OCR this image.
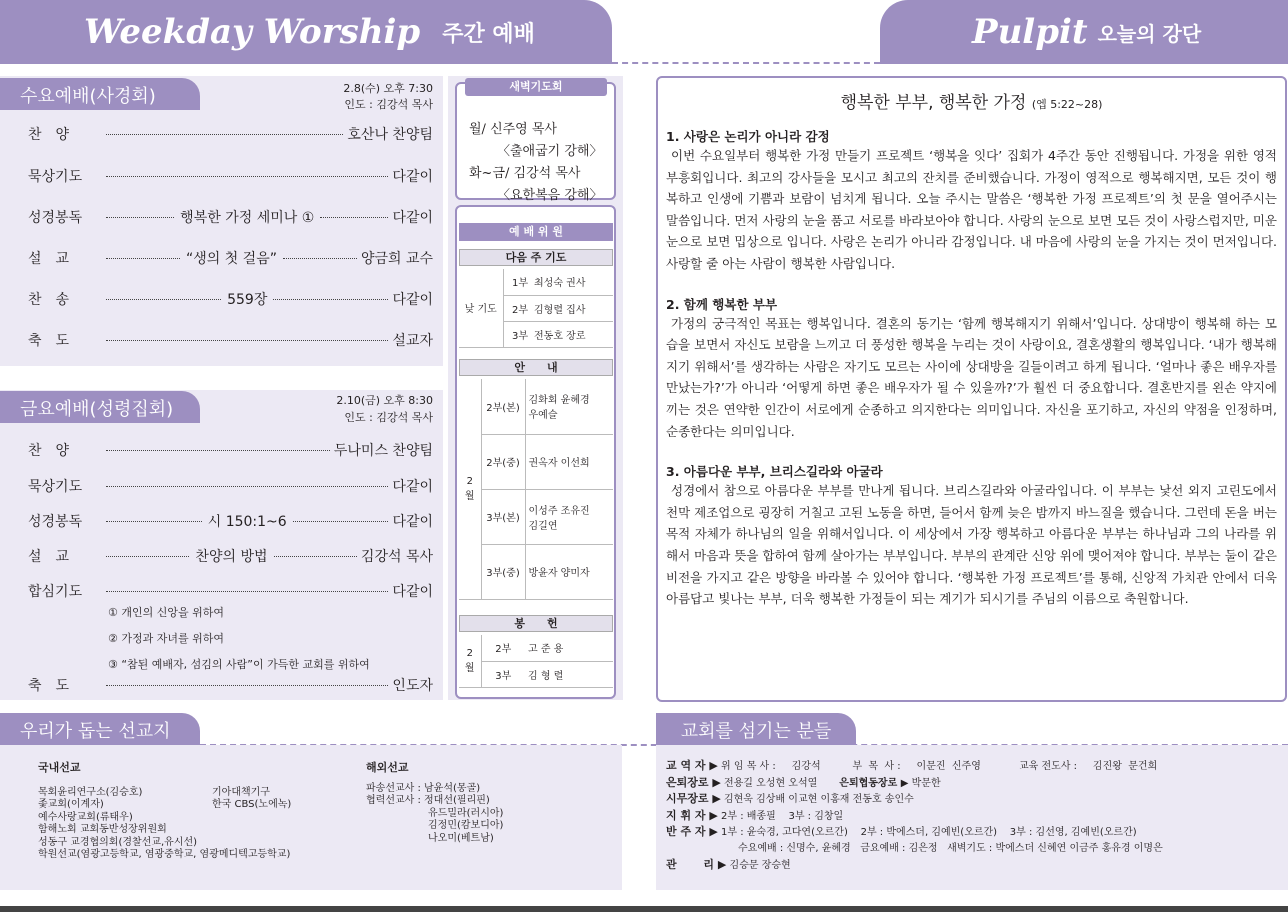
Weekday Worship 주간 예배	Pulpit 오늘의 강단
수요예배(사경회)	2.8(수) 오후 7:30
인도 : 김강석 목사
찬　양	호산나 찬양팀
묵상기도	다같이
성경봉독	행복한 가정 세미나 ①	다같이
설　교	“생의 첫 걸음”	양금희 교수
찬　송	559장	다같이
축　도	설교자
금요예배(성령집회)	2.10(금) 오후 8:30
인도 : 김강석 목사
찬　양	두나미스 찬양팀
묵상기도	다같이
성경봉독	시 150:1~6	다같이
설　교	찬양의 방법	김강석 목사
합심기도	다같이
① 개인의 신앙을 위하여
② 가정과 자녀를 위하여
③ “참된 예배자, 섬김의 사람”이 가득한 교회를 위하여
축　도	인도자
새벽기도회
월/ 신주영 목사
〈출애굽기 강해〉
화~금/ 김강석 목사
〈요한복음 강해〉
예 배 위 원
다음 주 기도
낮 기도	1부	최성숙 권사
	2부	김형렬 집사
	3부	전동호 장로
안　　내
2월	2부(본)	김화회 윤혜경
우예슬
	2부(중)	권옥자 이선희
	3부(본)	이성주 조유진
김길연
	3부(중)	방윤자 양미자
봉　　헌
2월	2부	고 준 용
	3부	김 형 렬
행복한 부부, 행복한 가정 (엡 5:22~28)
1. 사랑은 논리가 아니라 감정

이번 수요일부터 행복한 가정 만들기 프로젝트 ‘행복을 잇다’ 집회가 4주간 동안 진행됩니다. 가정을 위한 영적 부흥회입니다. 최고의 강사들을 모시고 최고의 잔치를 준비했습니다. 가정이 영적으로 행복해지면, 모든 것이 행복하고 인생에 기쁨과 보람이 넘치게 됩니다. 오늘 주시는 말씀은 ‘행복한 가정 프로젝트’의 첫 문을 열어주시는 말씀입니다. 먼저 사랑의 눈을 품고 서로를 바라보아야 합니다. 사랑의 눈으로 보면 모든 것이 사랑스럽지만, 미운 눈으로 보면 밉상으로 입니다. 사랑은 논리가 아니라 감정입니다. 내 마음에 사랑의 눈을 가지는 것이 먼저입니다. 사랑할 줄 아는 사람이 행복한 사람입니다.

2. 함께 행복한 부부

가정의 궁극적인 목표는 행복입니다. 결혼의 동기는 ‘함께 행복해지기 위해서’입니다. 상대방이 행복해 하는 모습을 보면서 자신도 보람을 느끼고 더 풍성한 행복을 누리는 것이 사랑이요, 결혼생활의 행복입니다. ‘내가 행복해지기 위해서’를 생각하는 사람은 자기도 모르는 사이에 상대방을 길들이려고 하게 됩니다. ‘얼마나 좋은 배우자를 만났는가?’가 아니라 ‘어떻게 하면 좋은 배우자가 될 수 있을까?’가 훨씬 더 중요합니다. 결혼반지를 왼손 약지에 끼는 것은 연약한 인간이 서로에게 순종하고 의지한다는 의미입니다. 자신을 포기하고, 자신의 약점을 인정하며, 순종한다는 의미입니다.

3. 아름다운 부부, 브리스길라와 아굴라

성경에서 참으로 아름다운 부부를 만나게 됩니다. 브리스길라와 아굴라입니다. 이 부부는 낯선 외지 고린도에서 천막 제조업으로 굉장히 거칠고 고된 노동을 하면, 들어서 함께 늦은 밤까지 바느질을 했습니다. 그런데 돈을 버는 목적 자체가 하나님의 일을 위해서입니다. 이 세상에서 가장 행복하고 아름다운 부부는 하나님과 그의 나라를 위해서 마음과 뜻을 합하여 함께 살아가는 부부입니다. 부부의 관계란 신앙 위에 맺어져야 합니다. 부부는 둘이 같은 비전을 가지고 같은 방향을 바라볼 수 있어야 합니다. ‘행복한 가정 프로젝트’를 통해, 신앙적 가치관 안에서 더욱 아름답고 빛나는 부부, 더욱 행복한 가정들이 되는 계기가 되시기를 주님의 이름으로 축원합니다.

우리가 돕는 선교지
국내선교
목회윤리연구소(김승호)
좇교회(이계자)
예수사랑교회(류태우)
함해노회 교회동반성장위원회
성동구 교경협의회(경찰선교,유시선)
학원선교(염광고등학교, 염광중학교, 염광메디텍고등학교)
기아대책기구
한국 CBS(노에녹)
해외선교
파송선교사 : 남윤석(몽골)
협력선교사 : 정대선(필리핀)
유드밀라(러시아)
김정민(캄보디아)
나오미(베트남)
교회를 섬기는 분들
교 역 자 ▶ 위 임 목 사 :     김강석          부  목  사 :     이문진  신주영            교육 전도사 :     김진왕  문건희
은퇴장로 ▶ 전용길 오성현 오석열 은퇴협동장로 ▶ 박문한
시무장로 ▶ 김현욱 김상배 이교현 이홍재 전동호 송인수
지 휘 자 ▶ 2부 : 배종필    3부 : 김창일
반 주 자 ▶ 1부 : 윤숙경, 고다연(오르간)    2부 : 박에스더, 김예빈(오르간)    3부 : 김선영, 김예빈(오르간)
수요예배 : 신명수, 윤혜경   금요예배 : 김은정   새벽기도 : 박에스더 신혜연 이금주 홍유경 이명은
관       리 ▶ 김승문 장승현
